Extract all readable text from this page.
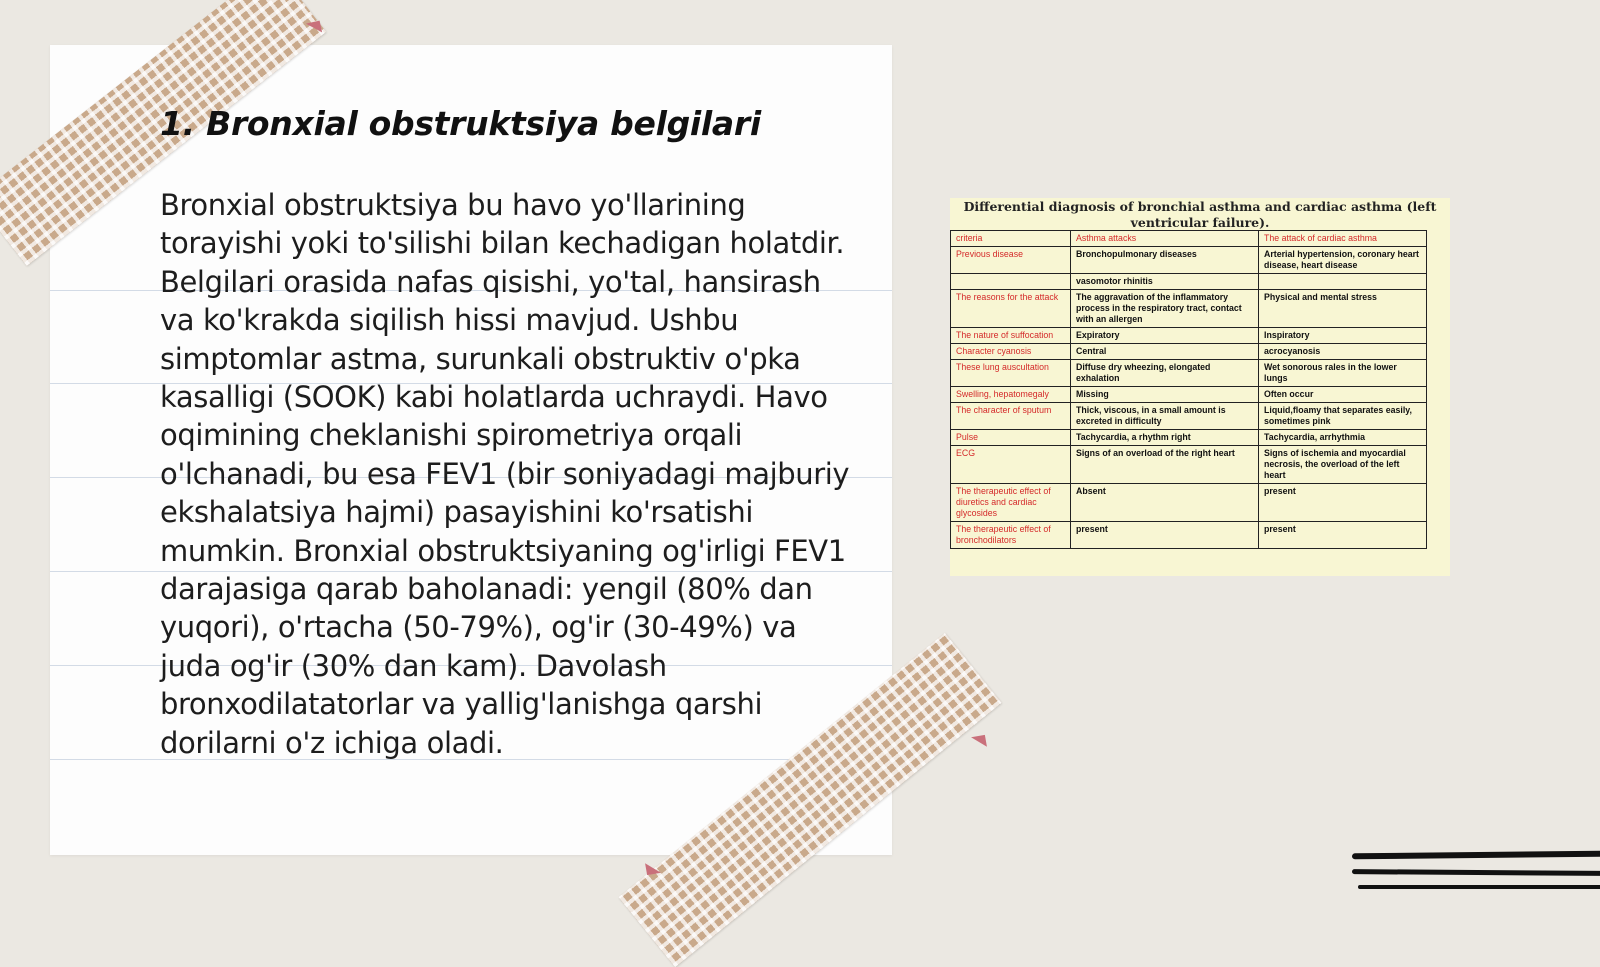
1. Bronxial obstruktsiya belgilari

Bronxial obstruktsiya bu havo yo'llarining torayishi yoki to'silishi bilan kechadigan holatdir. Belgilari orasida nafas qisishi, yo'tal, hansirash va ko'krakda siqilish hissi mavjud. Ushbu simptomlar astma, surunkali obstruktiv o'pka kasalligi (SOOK) kabi holatlarda uchraydi. Havo oqimining cheklanishi spirometriya orqali o'lchanadi, bu esa FEV1 (bir soniyadagi majburiy ekshalatsiya hajmi) pasayishini ko'rsatishi mumkin. Bronxial obstruktsiyaning og'irligi FEV1 darajasiga qarab baholanadi: yengil (80% dan yuqori), o'rtacha (50-79%), og'ir (30-49%) va juda og'ir (30% dan kam). Davolash bronxodilatatorlar va yallig'lanishga qarshi dorilarni o'z ichiga oladi.

Differential diagnosis of bronchial asthma and cardiac asthma (left ventricular failure).
criteria	Asthma attacks	The attack of cardiac asthma
Previous disease	Bronchopulmonary diseases	Arterial hypertension, coronary heart disease, heart disease
	vasomotor rhinitis	
The reasons for the attack	The aggravation of the inflammatory process in the respiratory tract, contact with an allergen	Physical and mental stress
The nature of suffocation	Expiratory	Inspiratory
Character cyanosis	Central	acrocyanosis
These lung auscultation	Diffuse dry wheezing, elongated exhalation	Wet sonorous rales in the lower lungs
Swelling, hepatomegaly	Missing	Often occur
The character of sputum	Thick, viscous, in a small amount is excreted in difficulty	Liquid,floamy that separates easily, sometimes pink
Pulse	Tachycardia, a rhythm right	Tachycardia, arrhythmia
ECG	Signs of an overload of the right heart	Signs of ischemia and myocardial necrosis, the overload of the left heart
The therapeutic effect of diuretics and cardiac glycosides	Absent	present
The therapeutic effect of bronchodilators	present	present
